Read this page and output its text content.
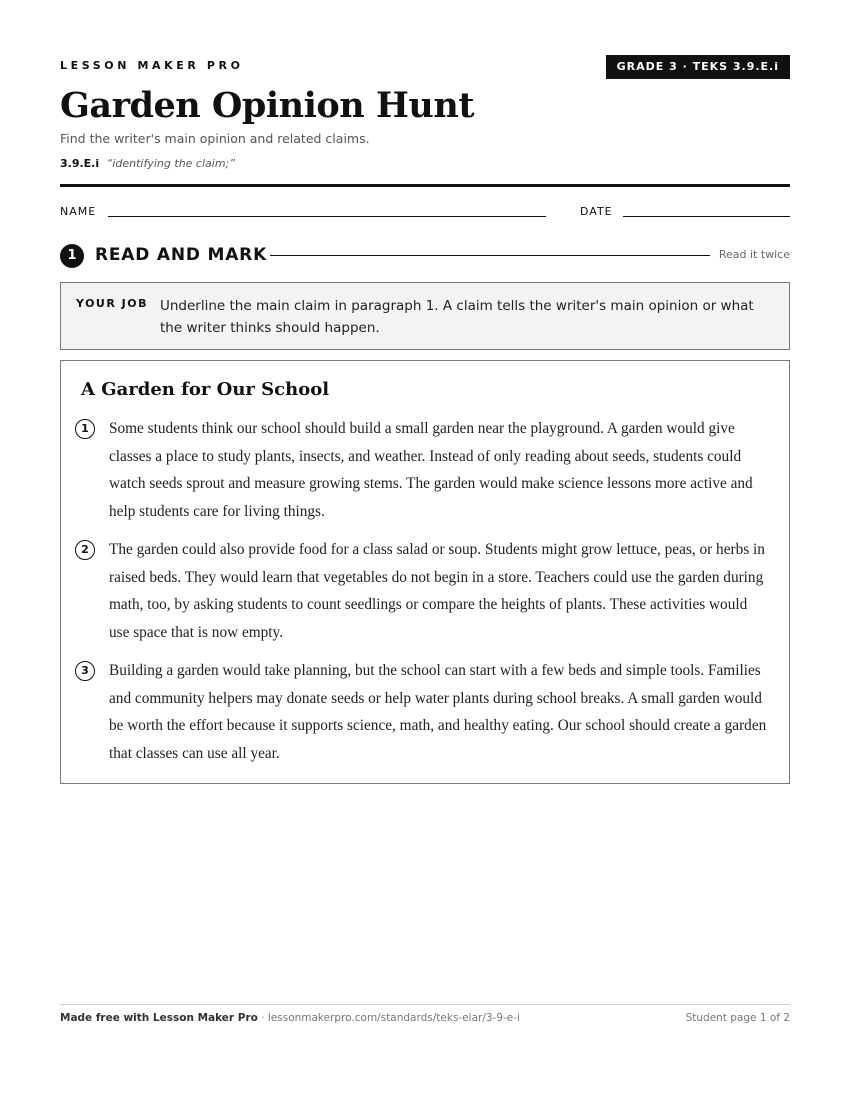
LESSON MAKER PRO	GRADE 3 · TEKS 3.9.E.i
Garden Opinion Hunt
Find the writer's main opinion and related claims.
3.9.E.i “identifying the claim;”
NAME	DATE
1	READ AND MARK	Read it twice
YOUR JOB Underline the main claim in paragraph 1. A claim tells the writer's main opinion or what the writer thinks should happen.
A Garden for Our School
1	Some students think our school should build a small garden near the playground. A garden would give classes a place to study plants, insects, and weather. Instead of only reading about seeds, students could watch seeds sprout and measure growing stems. The garden would make science lessons more active and help students care for living things.

2	The garden could also provide food for a class salad or soup. Students might grow lettuce, peas, or herbs in raised beds. They would learn that vegetables do not begin in a store. Teachers could use the garden during math, too, by asking students to count seedlings or compare the heights of plants. These activities would use space that is now empty.

3	Building a garden would take planning, but the school can start with a few beds and simple tools. Families and community helpers may donate seeds or help water plants during school breaks. A small garden would be worth the effort because it supports science, math, and healthy eating. Our school should create a garden that classes can use all year.

Made free with Lesson Maker Pro · lessonmakerpro.com/standards/teks-elar/3-9-e-i	Student page 1 of 2
